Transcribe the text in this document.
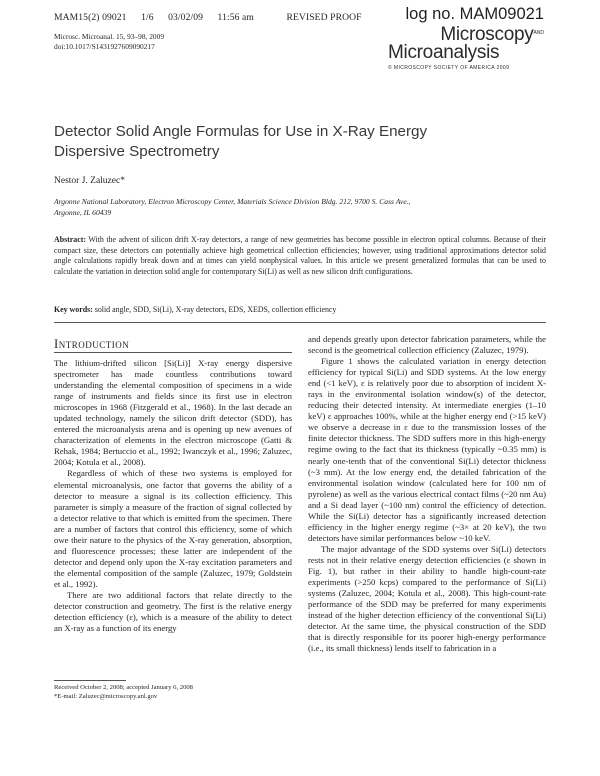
MAM15(2) 09021 1/6 03/02/09 11:56 am	REVISED PROOF	log no. MAM09021
Microsc. Microanal. 15, 93–98, 2009
doi:10.1017/S1431927609090217
Microscopy$^{AND}$
Microanalysis
© MICROSCOPY SOCIETY OF AMERICA 2009
Detector Solid Angle Formulas for Use in X-Ray Energy
Dispersive Spectrometry
Nestor J. Zaluzec*
Argonne National Laboratory, Electron Microscopy Center, Materials Science Division Bldg. 212, 9700 S. Cass Ave.,
Argonne, IL 60439
Abstract: With the advent of silicon drift X-ray detectors, a range of new geometries has become possible in electron optical columns. Because of their compact size, these detectors can potentially achieve high geometrical collection efficiencies; however, using traditional approximations detector solid angle calculations rapidly break down and at times can yield nonphysical values. In this article we present generalized formulas that can be used to calculate the variation in detection solid angle for contemporary Si(Li) as well as new silicon drift configurations.
Key words: solid angle, SDD, Si(Li), X-ray detectors, EDS, XEDS, collection efficiency
Introduction

The lithium-drifted silicon [Si(Li)] X-ray energy dispersive spectrometer has made countless contributions toward understanding the elemental composition of specimens in a wide range of instruments and fields since its first use in electron microscopes in 1968 (Fitzgerald et al., 1968). In the last decade an updated technology, namely the silicon drift detector (SDD), has entered the microanalysis arena and is opening up new avenues of characterization of elements in the electron microscope (Gatti & Rehak, 1984; Bertuccio et al., 1992; Iwanczyk et al., 1996; Zaluzec, 2004; Kotula et al., 2008).

Regardless of which of these two systems is employed for elemental microanalysis, one factor that governs the ability of a detector to measure a signal is its collection efficiency. This parameter is simply a measure of the fraction of signal collected by a detector relative to that which is emitted from the specimen. There are a number of factors that control this efficiency, some of which owe their nature to the physics of the X-ray generation, absorption, and fluorescence processes; these latter are independent of the detector and depend only upon the X-ray excitation parameters and the elemental composition of the sample (Zaluzec, 1979; Goldstein et al., 1992).

There are two additional factors that relate directly to the detector construction and geometry. The first is the relative energy detection efficiency (ε), which is a measure of the ability to detect an X-ray as a function of its energy

and depends greatly upon detector fabrication parameters, while the second is the geometrical collection efficiency (Zaluzec, 1979).

Figure 1 shows the calculated variation in energy detection efficiency for typical Si(Li) and SDD systems. At the low energy end (<1 keV), ε is relatively poor due to absorption of incident X-rays in the environmental isolation window(s) of the detector, reducing their detected intensity. At intermediate energies (1–10 keV) ε approaches 100%, while at the higher energy end (>15 keV) we observe a decrease in ε due to the transmission losses of the finite detector thickness. The SDD suffers more in this high-energy regime owing to the fact that its thickness (typically ~0.35 mm) is nearly one-tenth that of the conventional Si(Li) detector thickness (~3 mm). At the low energy end, the detailed fabrication of the environmental isolation window (calculated here for 100 nm of pyrolene) as well as the various electrical contact films (~20 nm Au) and a Si dead layer (~100 nm) control the efficiency of detection. While the Si(Li) detector has a significantly increased detection efficiency in the higher energy regime (~3× at 20 keV), the two detectors have similar performances below ~10 keV.

The major advantage of the SDD systems over Si(Li) detectors rests not in their relative energy detection efficiencies (ε shown in Fig. 1), but rather in their ability to handle high-count-rate experiments (>250 kcps) compared to the performance of Si(Li) systems (Zaluzec, 2004; Kotula et al., 2008). This high-count-rate performance of the SDD may be preferred for many experiments instead of the higher detection efficiency of the conventional Si(Li) detector. At the same time, the physical construction of the SDD that is directly responsible for its poorer high-energy performance (i.e., its small thickness) lends itself to fabrication in a

Received October 2, 2008; accepted January 6, 2008
*E-mail: Zaluzec@microscopy.anl.gov
